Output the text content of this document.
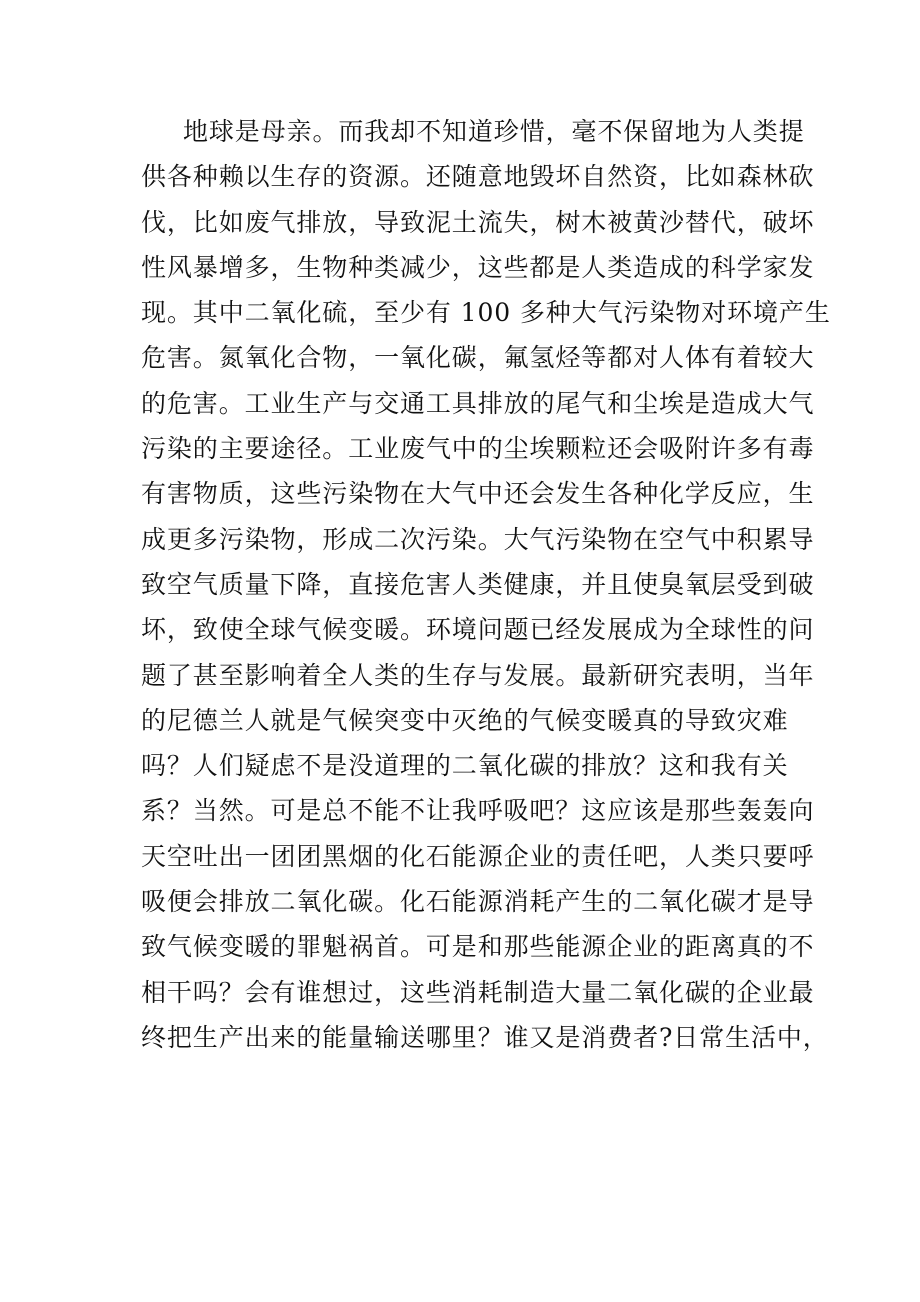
地球是母亲。而我却不知道珍惜，毫不保留地为人类提
供各种赖以生存的资源。还随意地毁坏自然资，比如森林砍
伐，比如废气排放，导致泥土流失，树木被黄沙替代，破坏
性风暴增多，生物种类减少，这些都是人类造成的科学家发
现。其中二氧化硫，至少有 100 多种大气污染物对环境产生
危害。氮氧化合物，一氧化碳，氟氢烃等都对人体有着较大
的危害。工业生产与交通工具排放的尾气和尘埃是造成大气
污染的主要途径。工业废气中的尘埃颗粒还会吸附许多有毒
有害物质，这些污染物在大气中还会发生各种化学反应，生
成更多污染物，形成二次污染。大气污染物在空气中积累导
致空气质量下降，直接危害人类健康，并且使臭氧层受到破
坏，致使全球气候变暖。环境问题已经发展成为全球性的问
题了甚至影响着全人类的生存与发展。最新研究表明，当年
的尼德兰人就是气候突变中灭绝的气候变暖真的导致灾难
吗？人们疑虑不是没道理的二氧化碳的排放？这和我有关
系？当然。可是总不能不让我呼吸吧？这应该是那些轰轰向
天空吐出一团团黑烟的化石能源企业的责任吧，人类只要呼
吸便会排放二氧化碳。化石能源消耗产生的二氧化碳才是导
致气候变暖的罪魁祸首。可是和那些能源企业的距离真的不
相干吗？会有谁想过，这些消耗制造大量二氧化碳的企业最
终把生产出来的能量输送哪里？谁又是消费者?日常生活中，
